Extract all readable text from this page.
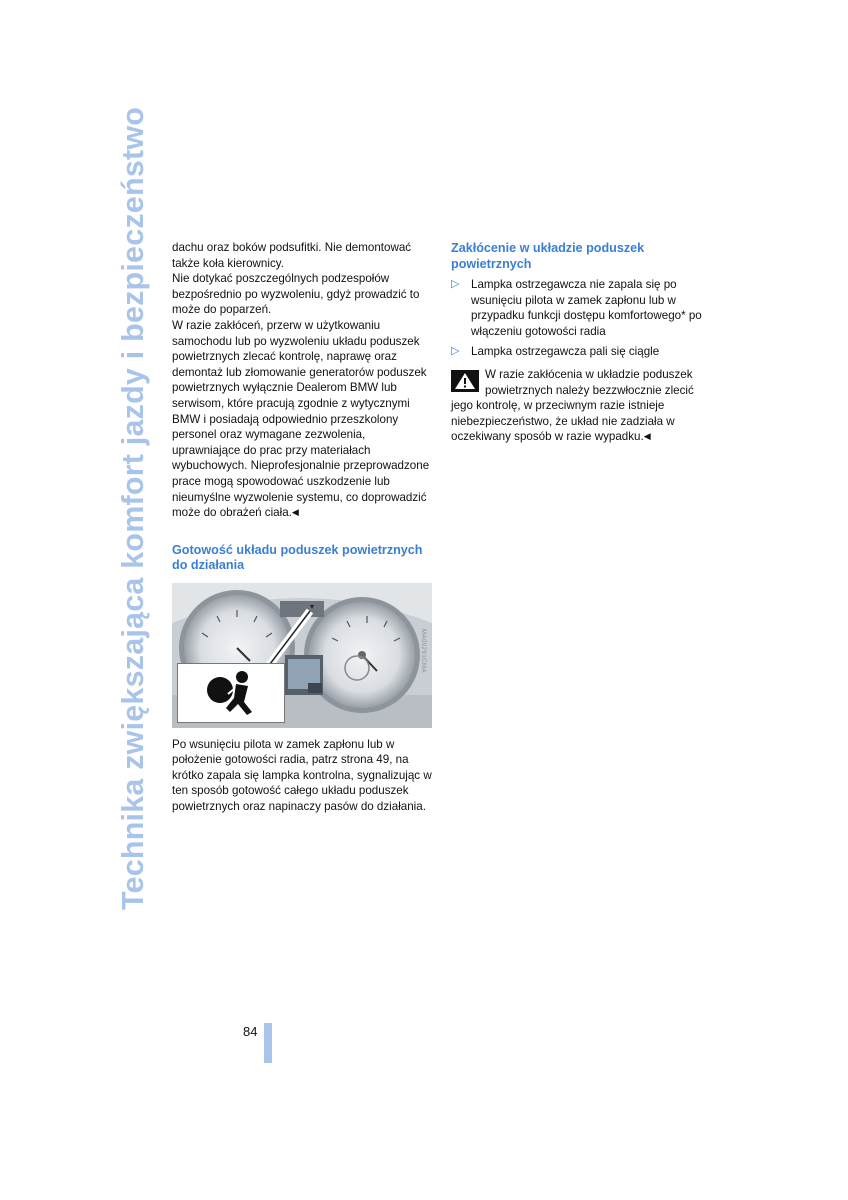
Technika zwiększająca komfort jazdy i bezpieczeństwo dachu oraz boków podsufitki. Nie demontować także koła kierownicy.

Nie dotykać poszczególnych podzespołów bezpośrednio po wyzwoleniu, gdyż prowadzić to może do poparzeń.

W razie zakłóceń, przerw w użytkowaniu samochodu lub po wyzwoleniu układu poduszek powietrznych zlecać kontrolę, naprawę oraz demontaż lub złomowanie generatorów poduszek powietrznych wyłącznie Dealerom BMW lub serwisom, które pracują zgodnie z wytycznymi BMW i posiadają odpowiednio przeszkolony personel oraz wymagane zezwolenia, uprawniające do prac przy materiałach wybuchowych. Nieprofesjonalnie przeprowadzone prace mogą spowodować uszkodzenie lub nieumyślne wyzwolenie systemu, co doprowadzić może do obrażeń ciała.◀

Gotowość układu poduszek powietrznych do działania
MA00291CMA

Po wsunięciu pilota w zamek zapłonu lub w położenie gotowości radia, patrz strona 49, na krótko zapala się lampka kontrolna, sygnalizując w ten sposób gotowość całego układu poduszek powietrznych oraz napinaczy pasów do działania.

Zakłócenie w układzie poduszek powietrznych
▷ Lampka ostrzegawcza nie zapala się po wsunięciu pilota w zamek zapłonu lub w przypadku funkcji dostępu komfortowego* po włączeniu gotowości radia
▷ Lampka ostrzegawcza pali się ciągle
W razie zakłócenia w układzie poduszek powietrznych należy bezzwłocznie zlecić jego kontrolę, w przeciwnym razie istnieje niebezpieczeństwo, że układ nie zadziała w oczekiwany sposób w razie wypadku.◀
84
